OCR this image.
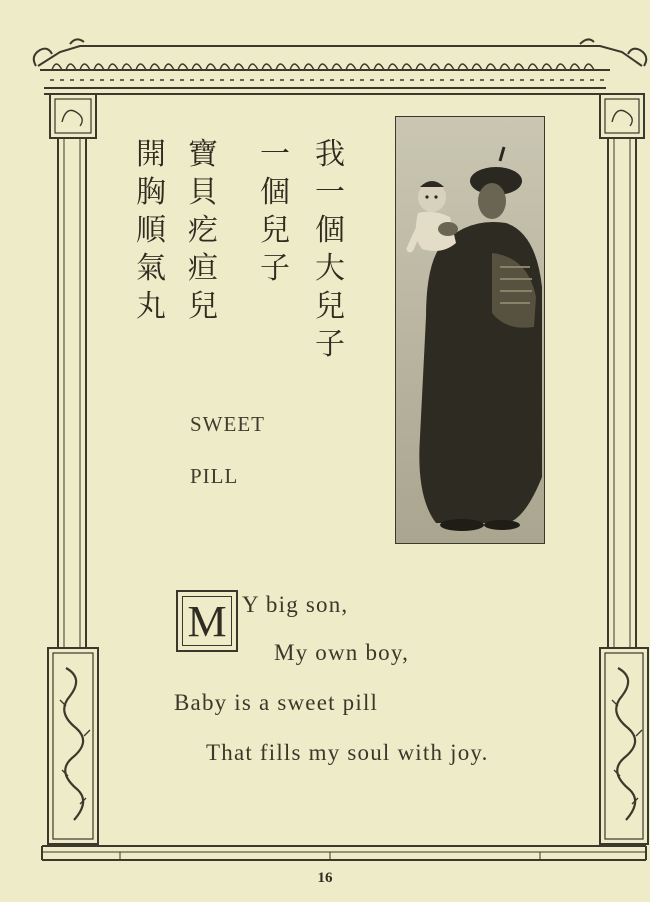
我一個大兒子
一個兒子
寶貝疙疸兒
開胸順氣丸
SWEET
PILL
M Y big son,
My own boy,
Baby is a sweet pill
That fills my soul with joy.
16
